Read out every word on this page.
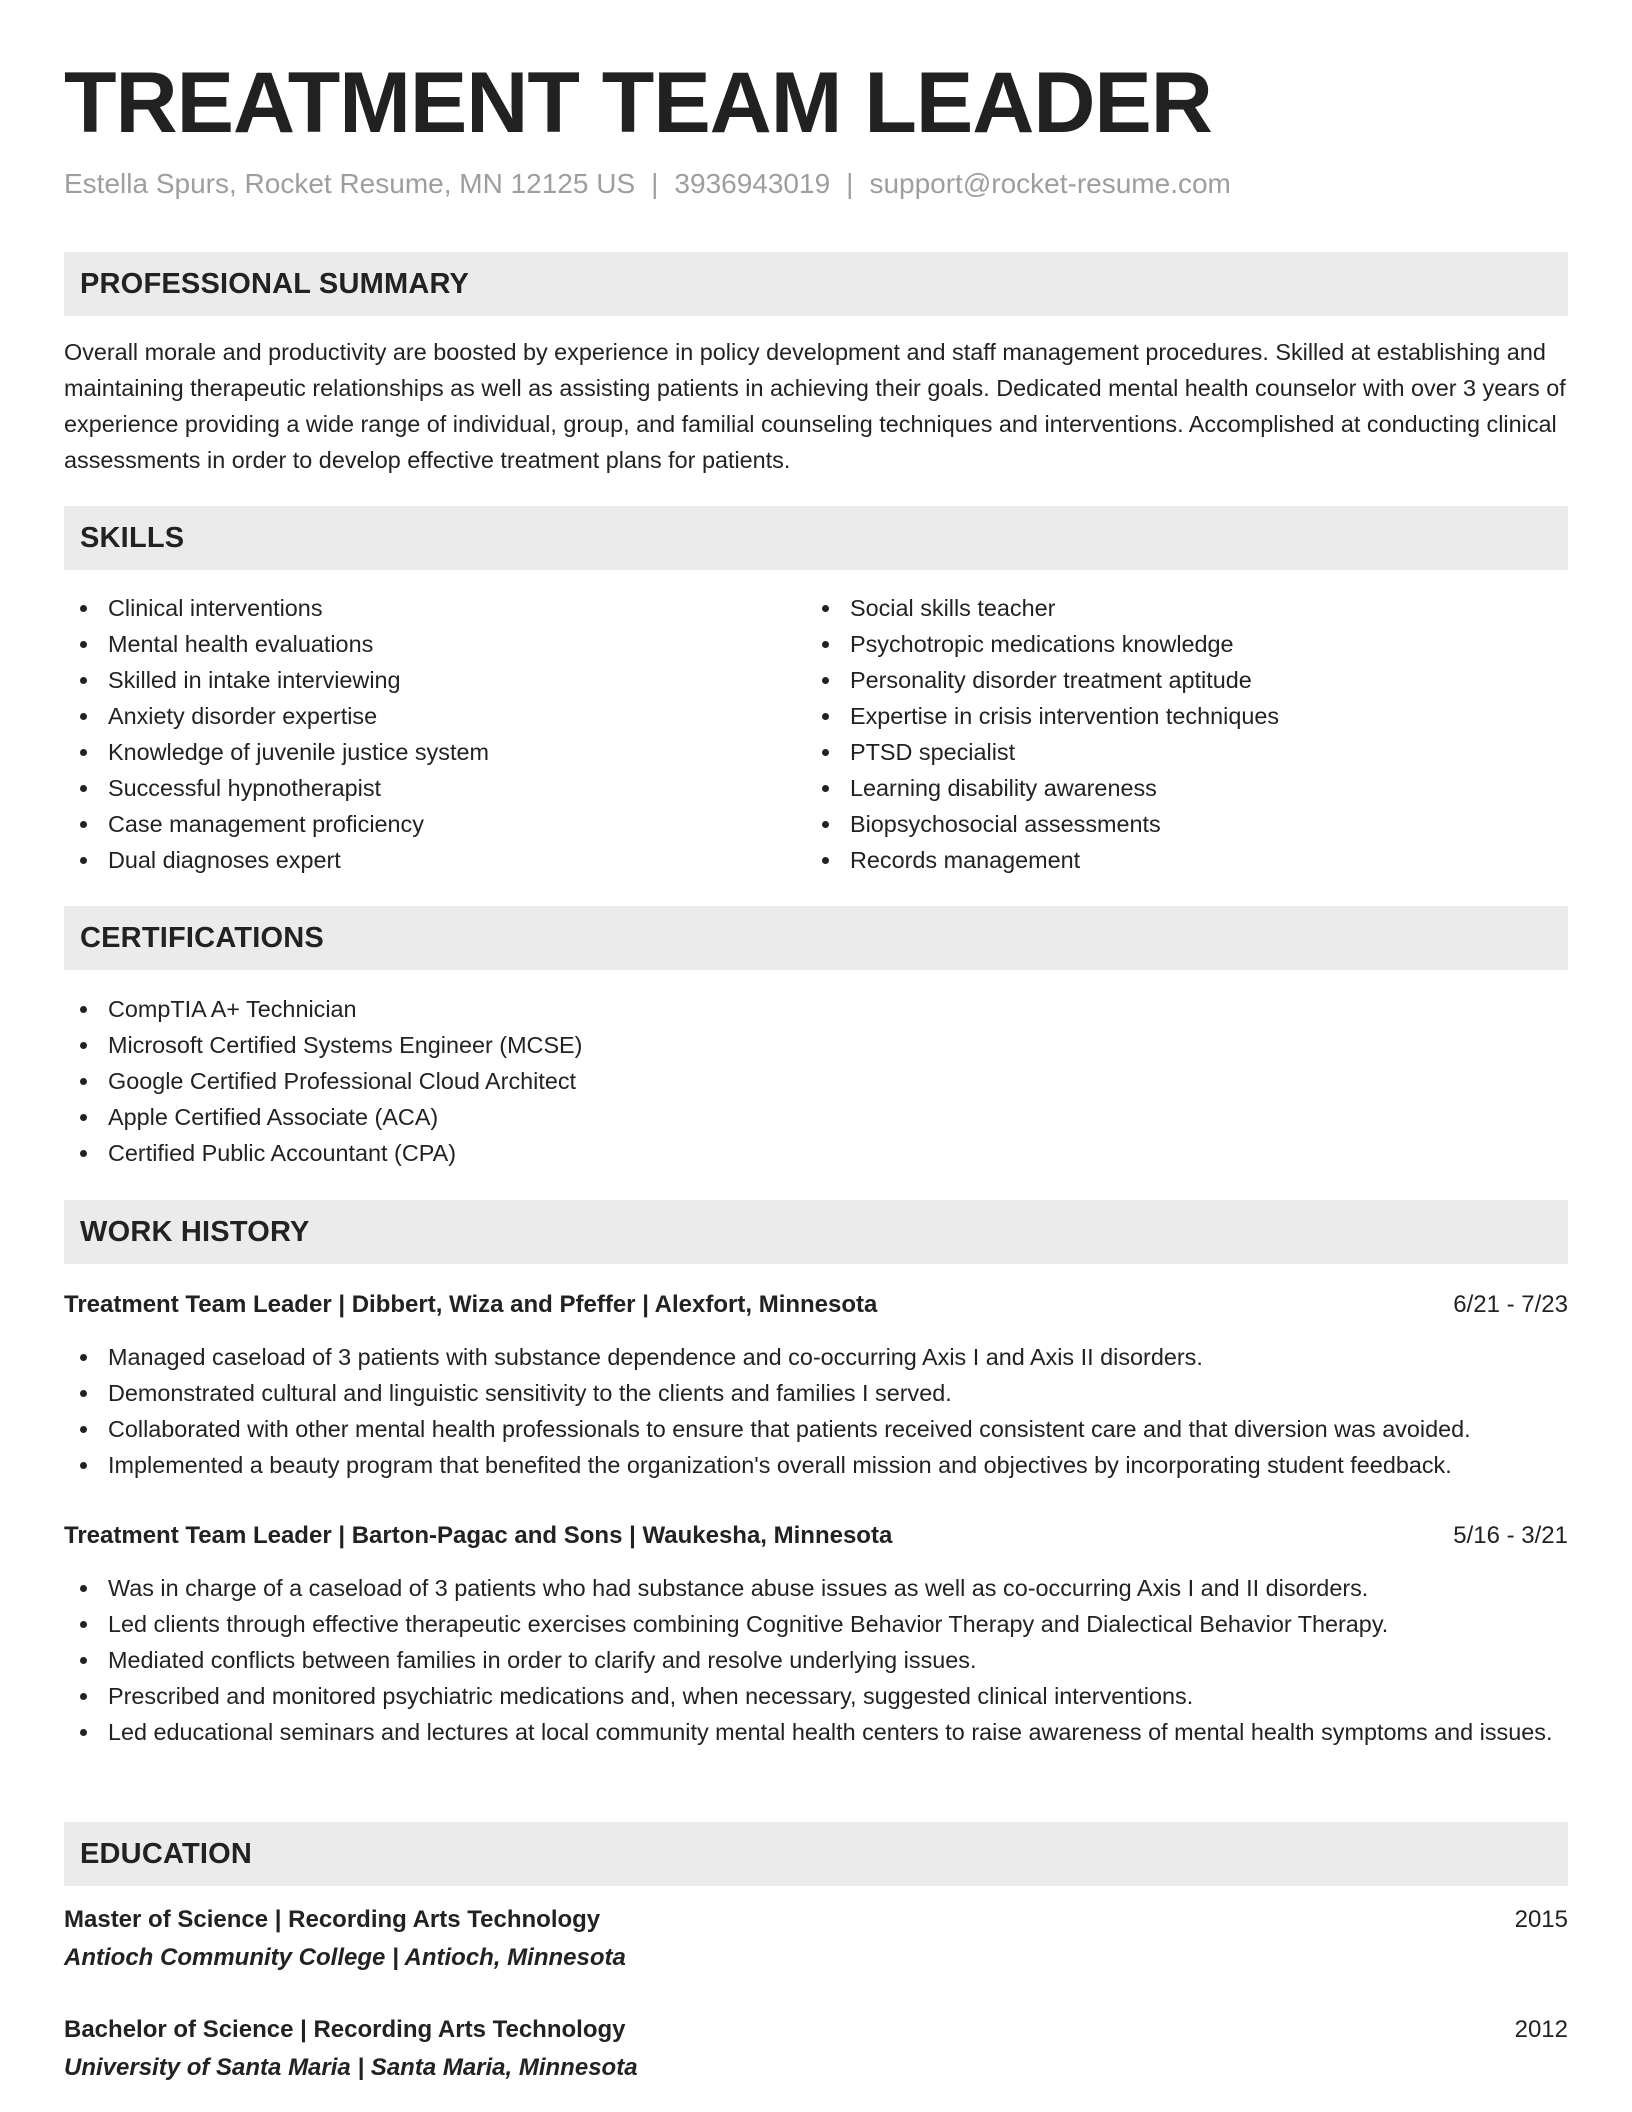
TREATMENT TEAM LEADER
Estella Spurs, Rocket Resume, MN 12125 US | 3936943019 | support@rocket-resume.com
PROFESSIONAL SUMMARY
Overall morale and productivity are boosted by experience in policy development and staff management procedures. Skilled at establishing and maintaining therapeutic relationships as well as assisting patients in achieving their goals. Dedicated mental health counselor with over 3 years of experience providing a wide range of individual, group, and familial counseling techniques and interventions. Accomplished at conducting clinical assessments in order to develop effective treatment plans for patients.
SKILLS
Clinical interventions
Mental health evaluations
Skilled in intake interviewing
Anxiety disorder expertise
Knowledge of juvenile justice system
Successful hypnotherapist
Case management proficiency
Dual diagnoses expert
Social skills teacher
Psychotropic medications knowledge
Personality disorder treatment aptitude
Expertise in crisis intervention techniques
PTSD specialist
Learning disability awareness
Biopsychosocial assessments
Records management
CERTIFICATIONS
CompTIA A+ Technician
Microsoft Certified Systems Engineer (MCSE)
Google Certified Professional Cloud Architect
Apple Certified Associate (ACA)
Certified Public Accountant (CPA)
WORK HISTORY
Treatment Team Leader | Dibbert, Wiza and Pfeffer | Alexfort, Minnesota	6/21 - 7/23
Managed caseload of 3 patients with substance dependence and co-occurring Axis I and Axis II disorders.
Demonstrated cultural and linguistic sensitivity to the clients and families I served.
Collaborated with other mental health professionals to ensure that patients received consistent care and that diversion was avoided.
Implemented a beauty program that benefited the organization's overall mission and objectives by incorporating student feedback.
Treatment Team Leader | Barton-Pagac and Sons | Waukesha, Minnesota	5/16 - 3/21
Was in charge of a caseload of 3 patients who had substance abuse issues as well as co-occurring Axis I and II disorders.
Led clients through effective therapeutic exercises combining Cognitive Behavior Therapy and Dialectical Behavior Therapy.
Mediated conflicts between families in order to clarify and resolve underlying issues.
Prescribed and monitored psychiatric medications and, when necessary, suggested clinical interventions.
Led educational seminars and lectures at local community mental health centers to raise awareness of mental health symptoms and issues.
EDUCATION
Master of Science | Recording Arts Technology	2015
Antioch Community College | Antioch, Minnesota
Bachelor of Science | Recording Arts Technology	2012
University of Santa Maria | Santa Maria, Minnesota
